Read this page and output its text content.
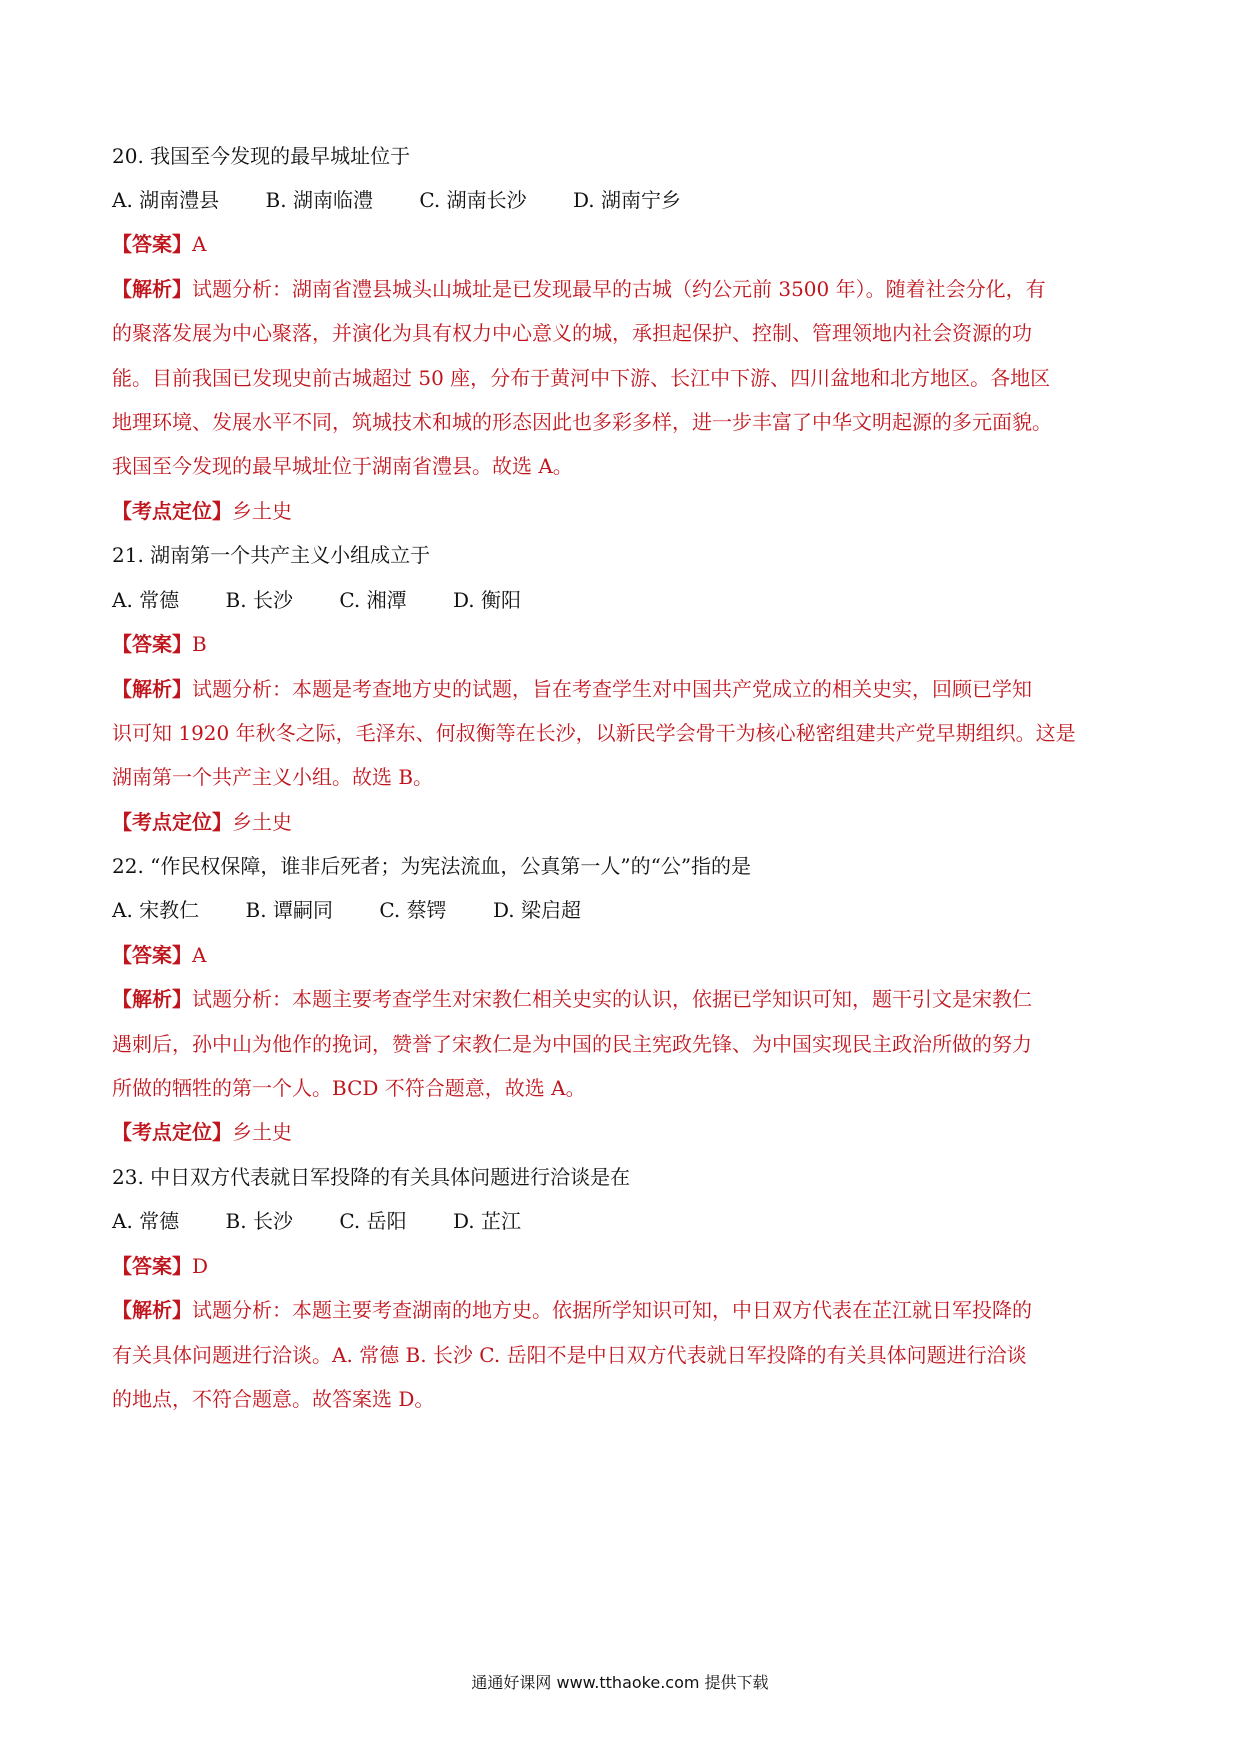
20. 我国至今发现的最早城址位于
A. 湖南澧县 B. 湖南临澧 C. 湖南长沙 D. 湖南宁乡
【答案】A
【解析】试题分析：湖南省澧县城头山城址是已发现最早的古城（约公元前 3500 年）。随着社会分化，有
的聚落发展为中心聚落，并演化为具有权力中心意义的城，承担起保护、控制、管理领地内社会资源的功
能。目前我国已发现史前古城超过 50 座，分布于黄河中下游、长江中下游、四川盆地和北方地区。各地区
地理环境、发展水平不同，筑城技术和城的形态因此也多彩多样，进一步丰富了中华文明起源的多元面貌。
我国至今发现的最早城址位于湖南省澧县。故选 A。
【考点定位】乡土史
21. 湖南第一个共产主义小组成立于
A. 常德 B. 长沙 C. 湘潭 D. 衡阳
【答案】B
【解析】试题分析：本题是考查地方史的试题，旨在考查学生对中国共产党成立的相关史实，回顾已学知
识可知 1920 年秋冬之际，毛泽东、何叔衡等在长沙，以新民学会骨干为核心秘密组建共产党早期组织。这是
湖南第一个共产主义小组。故选 B。
【考点定位】乡土史
22. “作民权保障，谁非后死者；为宪法流血，公真第一人”的“公”指的是
A. 宋教仁 B. 谭嗣同 C. 蔡锷 D. 梁启超
【答案】A
【解析】试题分析：本题主要考查学生对宋教仁相关史实的认识，依据已学知识可知，题干引文是宋教仁
遇刺后，孙中山为他作的挽词，赞誉了宋教仁是为中国的民主宪政先锋、为中国实现民主政治所做的努力
所做的牺牲的第一个人。BCD 不符合题意，故选 A。
【考点定位】乡土史
23. 中日双方代表就日军投降的有关具体问题进行洽谈是在
A. 常德 B. 长沙 C. 岳阳 D. 芷江
【答案】D
【解析】试题分析：本题主要考查湖南的地方史。依据所学知识可知，中日双方代表在芷江就日军投降的
有关具体问题进行洽谈。A. 常德 B. 长沙 C. 岳阳不是中日双方代表就日军投降的有关具体问题进行洽谈
的地点，不符合题意。故答案选 D。
通通好课网 www.tthaoke.com 提供下载
